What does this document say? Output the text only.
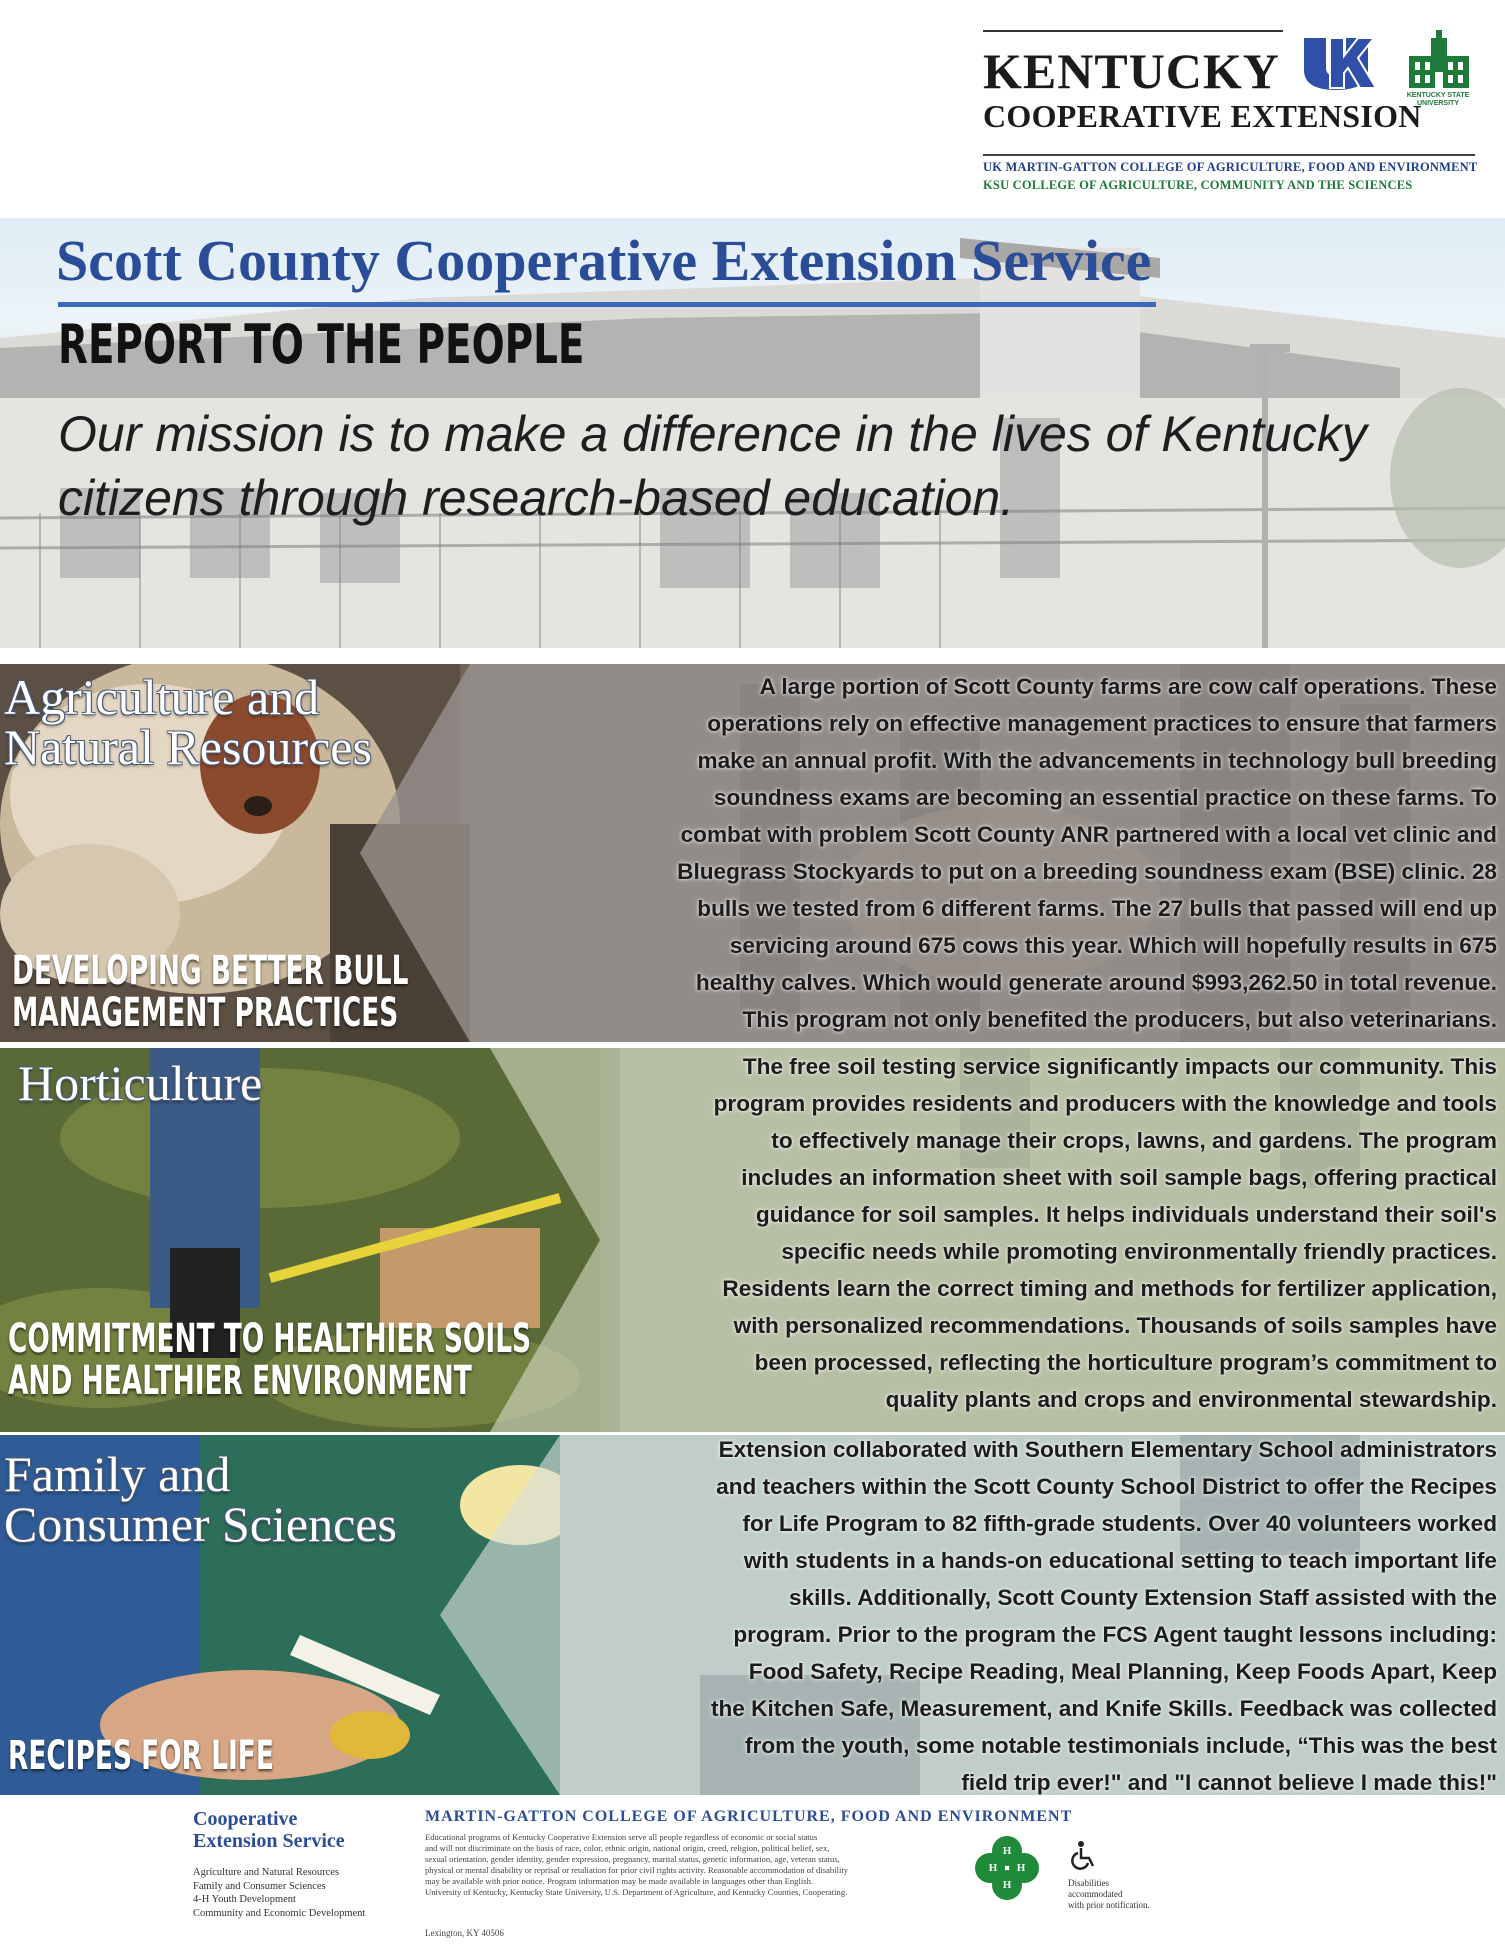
KENTUCKY	KENTUCKY STATE UNIVERSITY
COOPERATIVE EXTENSION
UK MARTIN-GATTON COLLEGE OF AGRICULTURE, FOOD AND ENVIRONMENT
KSU COLLEGE OF AGRICULTURE, COMMUNITY AND THE SCIENCES
Scott County Cooperative Extension Service
REPORT TO THE PEOPLE
Our mission is to make a difference in the lives of Kentucky citizens through research-based education.
Agriculture and
Natural Resources
DEVELOPING BETTER BULL
MANAGEMENT PRACTICES
A large portion of Scott County farms are cow calf operations. These
operations rely on effective management practices to ensure that farmers
make an annual profit. With the advancements in technology bull breeding
soundness exams are becoming an essential practice on these farms. To
combat with problem Scott County ANR partnered with a local vet clinic and
Bluegrass Stockyards to put on a breeding soundness exam (BSE) clinic. 28
bulls we tested from 6 different farms. The 27 bulls that passed will end up
servicing around 675 cows this year. Which will hopefully results in 675
healthy calves. Which would generate around $993,262.50 in total revenue.
This program not only benefited the producers, but also veterinarians.
Horticulture
COMMITMENT TO HEALTHIER SOILS
AND HEALTHIER ENVIRONMENT
The free soil testing service significantly impacts our community. This
program provides residents and producers with the knowledge and tools
to effectively manage their crops, lawns, and gardens. The program
includes an information sheet with soil sample bags, offering practical
guidance for soil samples. It helps individuals understand their soil's
specific needs while promoting environmentally friendly practices.
Residents learn the correct timing and methods for fertilizer application,
with personalized recommendations. Thousands of soils samples have
been processed, reflecting the horticulture program’s commitment to
quality plants and crops and environmental stewardship.
Family and
Consumer Sciences
RECIPES FOR LIFE
Extension collaborated with Southern Elementary School administrators
and teachers within the Scott County School District to offer the Recipes
for Life Program to 82 fifth-grade students. Over 40 volunteers worked
with students in a hands-on educational setting to teach important life
skills. Additionally, Scott County Extension Staff assisted with the
program. Prior to the program the FCS Agent taught lessons including:
Food Safety, Recipe Reading, Meal Planning, Keep Foods Apart, Keep
the Kitchen Safe, Measurement, and Knife Skills. Feedback was collected
from the youth, some notable testimonials include, “This was the best
field trip ever!" and "I cannot believe I made this!"
Cooperative
Extension Service
Agriculture and Natural Resources
Family and Consumer Sciences
4-H Youth Development
Community and Economic Development
MARTIN-GATTON COLLEGE OF AGRICULTURE, FOOD AND ENVIRONMENT
Educational programs of Kentucky Cooperative Extension serve all people regardless of economic or social status
and will not discriminate on the basis of race, color, ethnic origin, national origin, creed, religion, political belief, sex,
sexual orientation, gender identity, gender expression, pregnancy, marital status, genetic information, age, veteran status,
physical or mental disability or reprisal or retaliation for prior civil rights activity. Reasonable accommodation of disability
may be available with prior notice. Program information may be made available in languages other than English.
University of Kentucky, Kentucky State University, U.S. Department of Agriculture, and Kentucky Counties, Cooperating.
Lexington, KY 40506
H
H H
H	Disabilities
accommodated
with prior notification.
